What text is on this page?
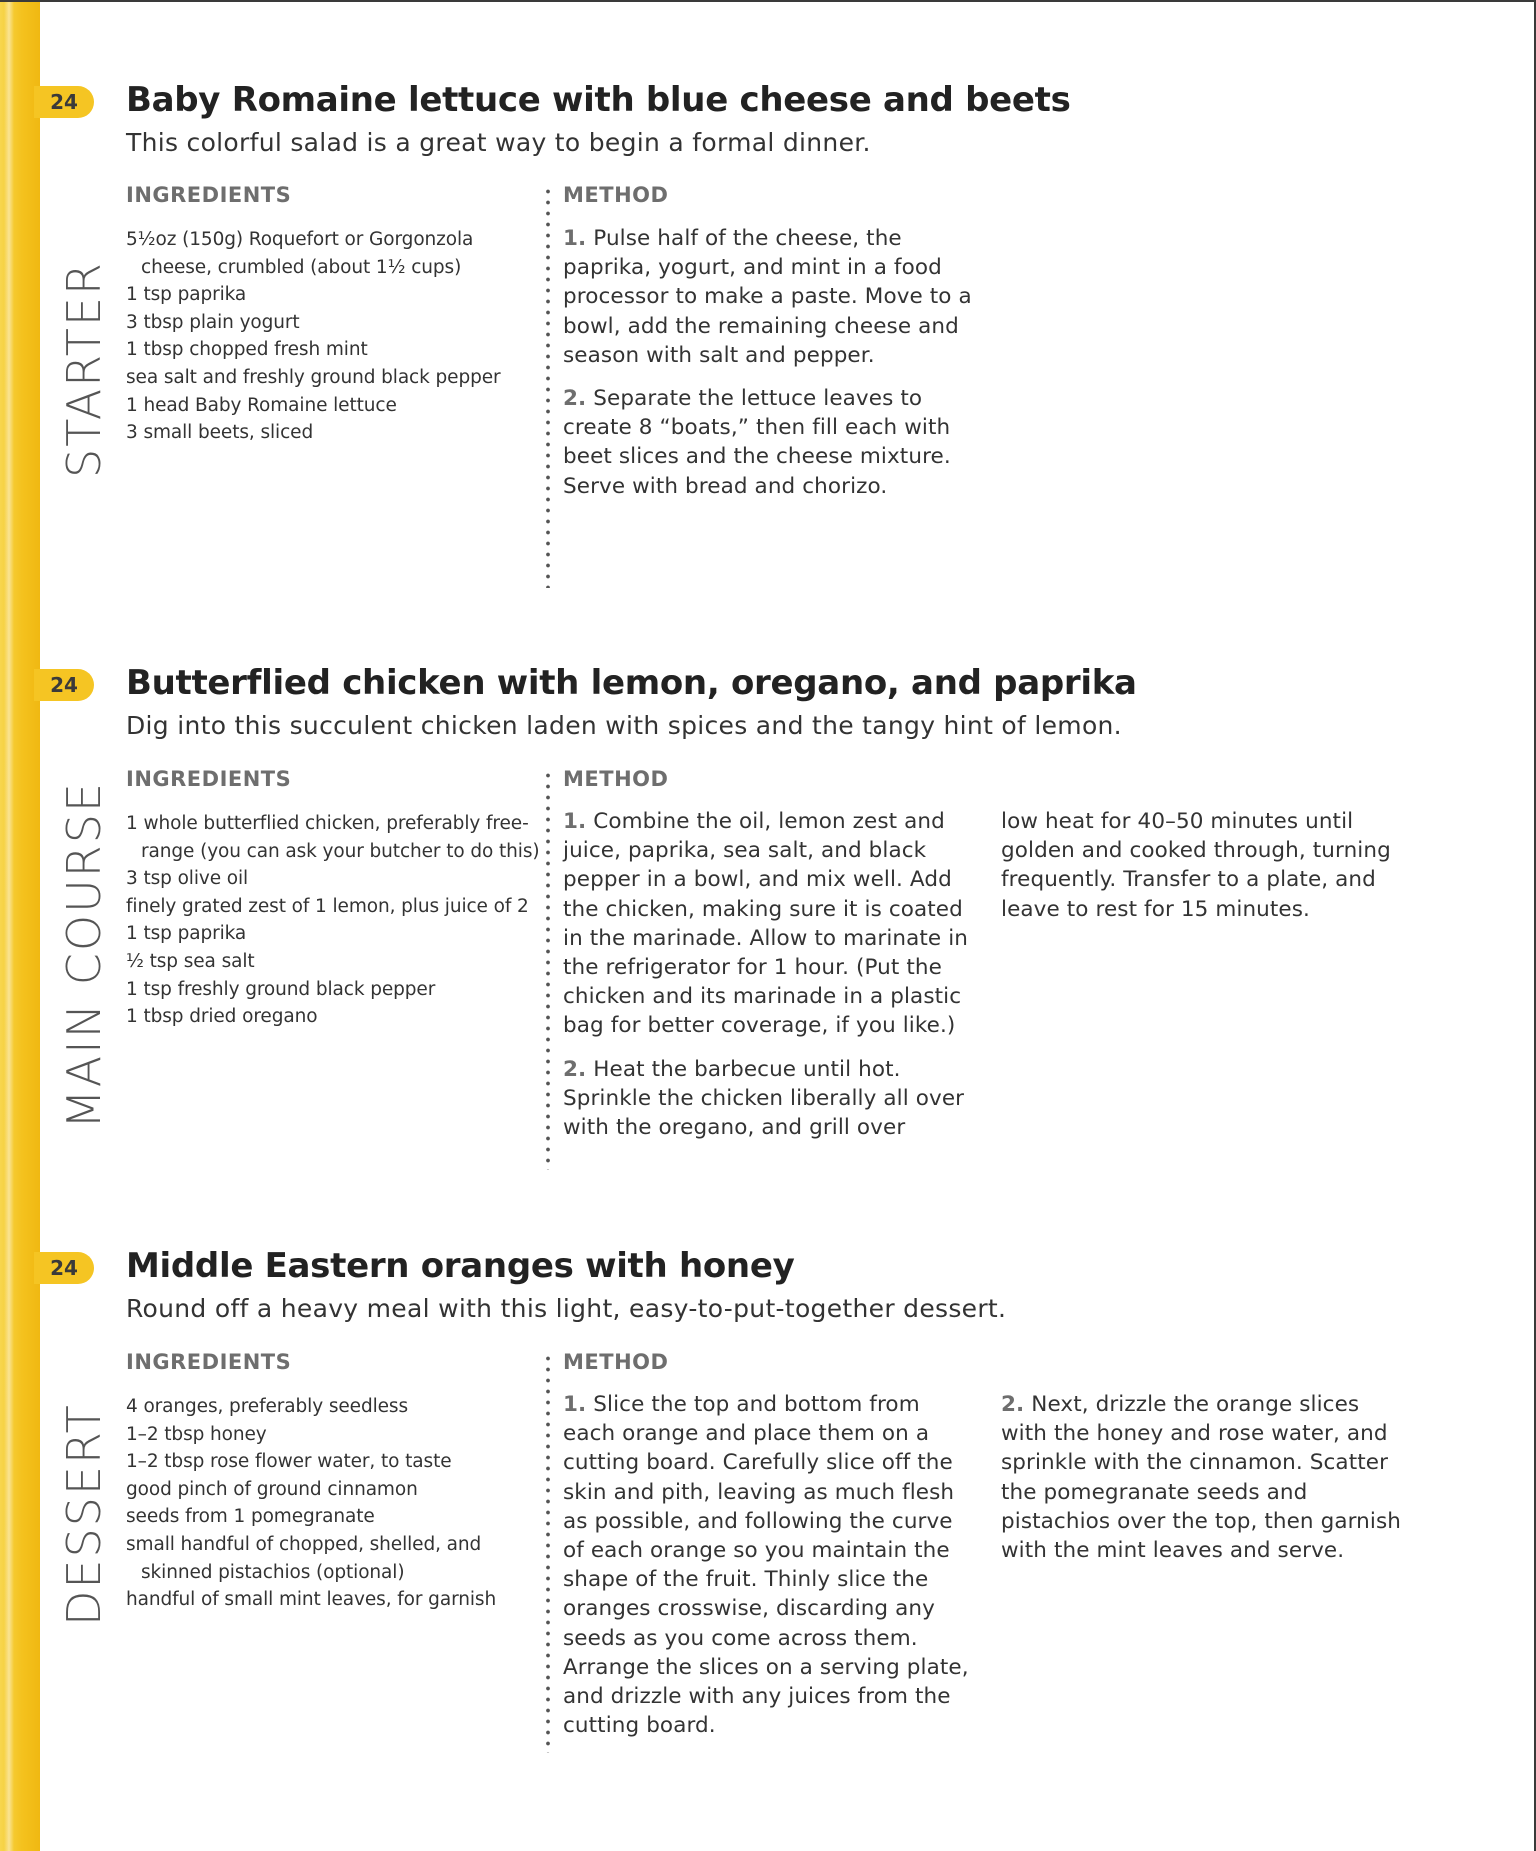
24
STARTER
Baby Romaine lettuce with blue cheese and beets

This colorful salad is a great way to begin a formal dinner.

INGREDIENTS
5½oz (150g) Roquefort or Gorgonzola cheese, crumbled (about 1½ cups)
1 tsp paprika
3 tbsp plain yogurt
1 tbsp chopped fresh mint
sea salt and freshly ground black pepper
1 head Baby Romaine lettuce
3 small beets, sliced
METHOD

1. Pulse half of the cheese, the paprika, yogurt, and mint in a food processor to make a paste. Move to a bowl, add the remaining cheese and season with salt and pepper.

2. Separate the lettuce leaves to create 8 “boats,” then fill each with beet slices and the cheese mixture. Serve with bread and chorizo.

24
MAIN COURSE
Butterflied chicken with lemon, oregano, and paprika

Dig into this succulent chicken laden with spices and the tangy hint of lemon.

INGREDIENTS
1 whole butterflied chicken, preferably free-range (you can ask your butcher to do this)
3 tsp olive oil
finely grated zest of 1 lemon, plus juice of 2
1 tsp paprika
½ tsp sea salt
1 tsp freshly ground black pepper
1 tbsp dried oregano
METHOD

1. Combine the oil, lemon zest and juice, paprika, sea salt, and black pepper in a bowl, and mix well. Add the chicken, making sure it is coated in the marinade. Allow to marinate in the refrigerator for 1 hour. (Put the chicken and its marinade in a plastic bag for better coverage, if you like.)

2. Heat the barbecue until hot. Sprinkle the chicken liberally all over with the oregano, and grill over

low heat for 40–50 minutes until golden and cooked through, turning frequently. Transfer to a plate, and leave to rest for 15 minutes.

24
DESSERT
Middle Eastern oranges with honey

Round off a heavy meal with this light, easy-to-put-together dessert.

INGREDIENTS
4 oranges, preferably seedless
1–2 tbsp honey
1–2 tbsp rose flower water, to taste
good pinch of ground cinnamon
seeds from 1 pomegranate
small handful of chopped, shelled, and skinned pistachios (optional)
handful of small mint leaves, for garnish
METHOD

1. Slice the top and bottom from each orange and place them on a cutting board. Carefully slice off the skin and pith, leaving as much flesh as possible, and following the curve of each orange so you maintain the shape of the fruit. Thinly slice the oranges crosswise, discarding any seeds as you come across them. Arrange the slices on a serving plate, and drizzle with any juices from the cutting board.

2. Next, drizzle the orange slices with the honey and rose water, and sprinkle with the cinnamon. Scatter the pomegranate seeds and pistachios over the top, then garnish with the mint leaves and serve.
